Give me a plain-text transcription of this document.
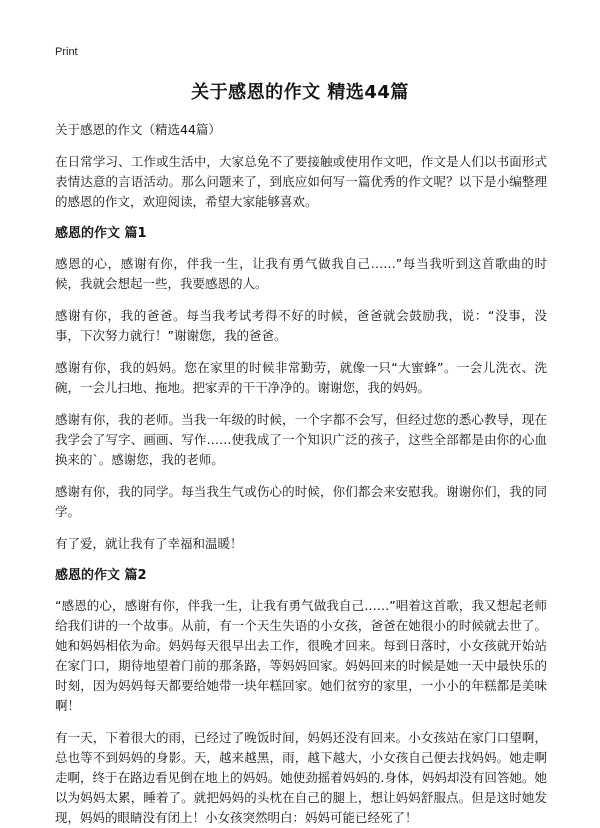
Print
关于感恩的作文 精选44篇

关于感恩的作文（精选44篇）

在日常学习、工作或生活中，大家总免不了要接触或使用作文吧，作文是人们以书面形式表情达意的言语活动。那么问题来了，到底应如何写一篇优秀的作文呢？以下是小编整理的感恩的作文，欢迎阅读，希望大家能够喜欢。

感恩的作文 篇1

感恩的心，感谢有你，伴我一生，让我有勇气做我自己……”每当我听到这首歌曲的时候，我就会想起一些，我要感恩的人。

感谢有你，我的爸爸。每当我考试考得不好的时候，爸爸就会鼓励我，说：“没事，没事，下次努力就行！”谢谢您，我的爸爸。

感谢有你，我的妈妈。您在家里的时候非常勤劳，就像一只“大蜜蜂”。一会儿洗衣、洗碗，一会儿扫地、拖地。把家弄的干干净净的。谢谢您，我的妈妈。

感谢有你，我的老师。当我一年级的时候，一个字都不会写，但经过您的悉心教导，现在我学会了写字、画画、写作……使我成了一个知识广泛的孩子，这些全部都是由你的心血换来的`。感谢您，我的老师。

感谢有你，我的同学。每当我生气或伤心的时候，你们都会来安慰我。谢谢你们，我的同学。

有了爱，就让我有了幸福和温暖！

感恩的作文 篇2

“感恩的心，感谢有你，伴我一生，让我有勇气做我自己……”唱着这首歌，我又想起老师给我们讲的一个故事。从前，有一个天生失语的小女孩，爸爸在她很小的时候就去世了。她和妈妈相依为命。妈妈每天很早出去工作，很晚才回来。每到日落时，小女孩就开始站在家门口，期待地望着门前的那条路，等妈妈回家。妈妈回来的时候是她一天中最快乐的时刻，因为妈妈每天都要给她带一块年糕回家。她们贫穷的家里，一小小的年糕都是美味啊！

有一天，下着很大的雨，已经过了晚饭时间，妈妈还没有回来。小女孩站在家门口望啊，总也等不到妈妈的身影。天，越来越黑，雨，越下越大，小女孩自己便去找妈妈。她走啊走啊，终于在路边看见倒在地上的妈妈。她使劲摇着妈妈的.身体，妈妈却没有回答她。她以为妈妈太累，睡着了。就把妈妈的头枕在自己的腿上，想让妈妈舒服点。但是这时她发现，妈妈的眼睛没有闭上！小女孩突然明白：妈妈可能已经死了！
